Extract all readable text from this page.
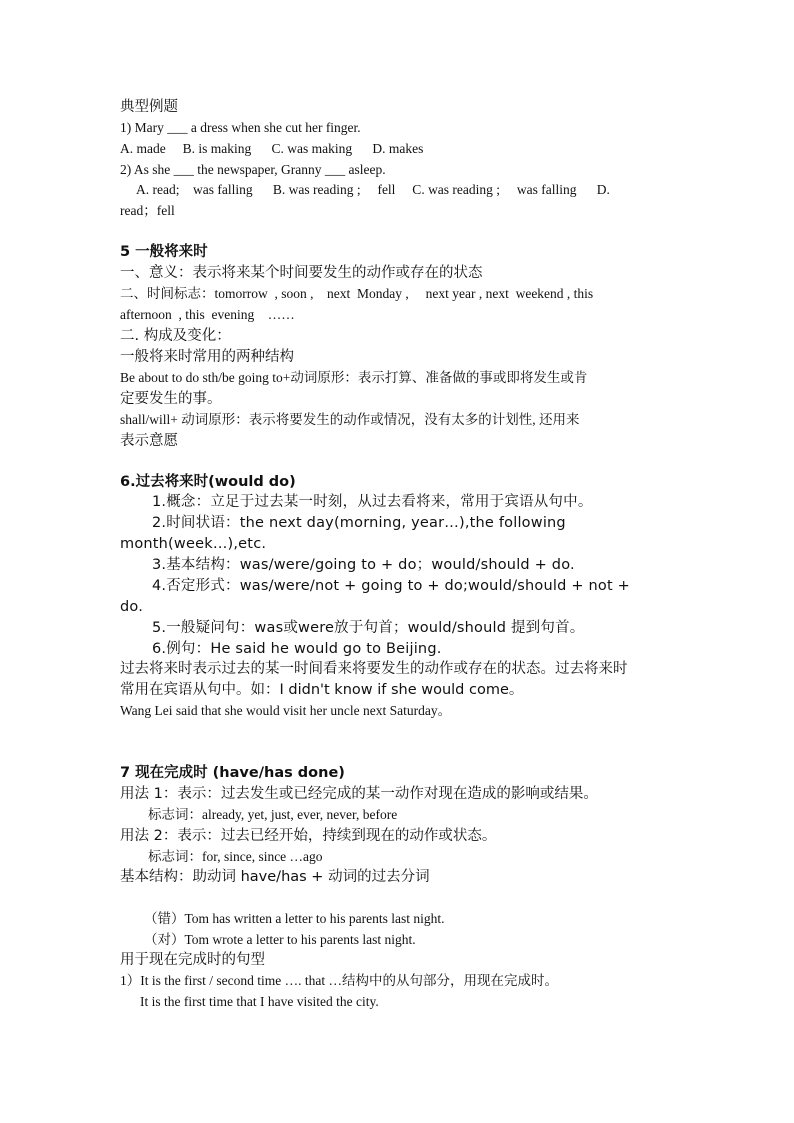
典型例题
1) Mary ___ a dress when she cut her finger.
A. made     B. is making      C. was making      D. makes
2) As she ___ the newspaper, Granny ___ asleep.
A. read;    was falling      B. was reading ;     fell     C. was reading ;     was falling      D.
read；fell
5 一般将来时
一、意义：表示将来某个时间要发生的动作或存在的状态
二、时间标志：tomorrow  , soon ,    next  Monday ,     next year , next  weekend , this
afternoon  , this  evening    ……
二. 构成及变化：
一般将来时常用的两种结构
Be about to do sth/be going to+动词原形：表示打算、准备做的事或即将发生或肯
定要发生的事。
shall/will+ 动词原形：表示将要发生的动作或情况，没有太多的计划性, 还用来
表示意愿
6.过去将来时(would do)
1.概念：立足于过去某一时刻，从过去看将来，常用于宾语从句中。
2.时间状语：the next day(morning, year…),the following
month(week…),etc.
3.基本结构：was/were/going to + do；would/should + do.
4.否定形式：was/were/not + going to + do;would/should + not +
do.
5.一般疑问句：was或were放于句首；would/should 提到句首。
6.例句：He said he would go to Beijing.
过去将来时表示过去的某一时间看来将要发生的动作或存在的状态。过去将来时
常用在宾语从句中。如：I didn't know if she would come。
Wang Lei said that she would visit her uncle next Saturday。
7 现在完成时 (have/has done)
用法 1：表示：过去发生或已经完成的某一动作对现在造成的影响或结果。
标志词：already, yet, just, ever, never, before
用法 2：表示：过去已经开始，持续到现在的动作或状态。
标志词：for, since, since …ago
基本结构：助动词 have/has + 动词的过去分词
（错）Tom has written a letter to his parents last night.
（对）Tom wrote a letter to his parents last night.
用于现在完成时的句型
1）It is the first / second time …. that …结构中的从句部分，用现在完成时。
It is the first time that I have visited the city.
